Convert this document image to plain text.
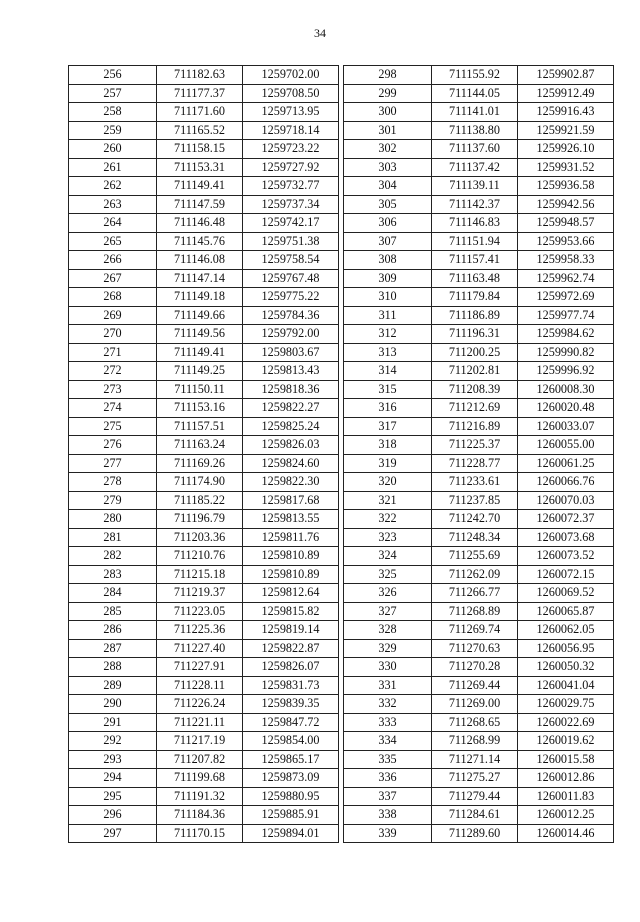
34
256	711182.63	1259702.00
257	711177.37	1259708.50
258	711171.60	1259713.95
259	711165.52	1259718.14
260	711158.15	1259723.22
261	711153.31	1259727.92
262	711149.41	1259732.77
263	711147.59	1259737.34
264	711146.48	1259742.17
265	711145.76	1259751.38
266	711146.08	1259758.54
267	711147.14	1259767.48
268	711149.18	1259775.22
269	711149.66	1259784.36
270	711149.56	1259792.00
271	711149.41	1259803.67
272	711149.25	1259813.43
273	711150.11	1259818.36
274	711153.16	1259822.27
275	711157.51	1259825.24
276	711163.24	1259826.03
277	711169.26	1259824.60
278	711174.90	1259822.30
279	711185.22	1259817.68
280	711196.79	1259813.55
281	711203.36	1259811.76
282	711210.76	1259810.89
283	711215.18	1259810.89
284	711219.37	1259812.64
285	711223.05	1259815.82
286	711225.36	1259819.14
287	711227.40	1259822.87
288	711227.91	1259826.07
289	711228.11	1259831.73
290	711226.24	1259839.35
291	711221.11	1259847.72
292	711217.19	1259854.00
293	711207.82	1259865.17
294	711199.68	1259873.09
295	711191.32	1259880.95
296	711184.36	1259885.91
297	711170.15	1259894.01
298	711155.92	1259902.87
299	711144.05	1259912.49
300	711141.01	1259916.43
301	711138.80	1259921.59
302	711137.60	1259926.10
303	711137.42	1259931.52
304	711139.11	1259936.58
305	711142.37	1259942.56
306	711146.83	1259948.57
307	711151.94	1259953.66
308	711157.41	1259958.33
309	711163.48	1259962.74
310	711179.84	1259972.69
311	711186.89	1259977.74
312	711196.31	1259984.62
313	711200.25	1259990.82
314	711202.81	1259996.92
315	711208.39	1260008.30
316	711212.69	1260020.48
317	711216.89	1260033.07
318	711225.37	1260055.00
319	711228.77	1260061.25
320	711233.61	1260066.76
321	711237.85	1260070.03
322	711242.70	1260072.37
323	711248.34	1260073.68
324	711255.69	1260073.52
325	711262.09	1260072.15
326	711266.77	1260069.52
327	711268.89	1260065.87
328	711269.74	1260062.05
329	711270.63	1260056.95
330	711270.28	1260050.32
331	711269.44	1260041.04
332	711269.00	1260029.75
333	711268.65	1260022.69
334	711268.99	1260019.62
335	711271.14	1260015.58
336	711275.27	1260012.86
337	711279.44	1260011.83
338	711284.61	1260012.25
339	711289.60	1260014.46
